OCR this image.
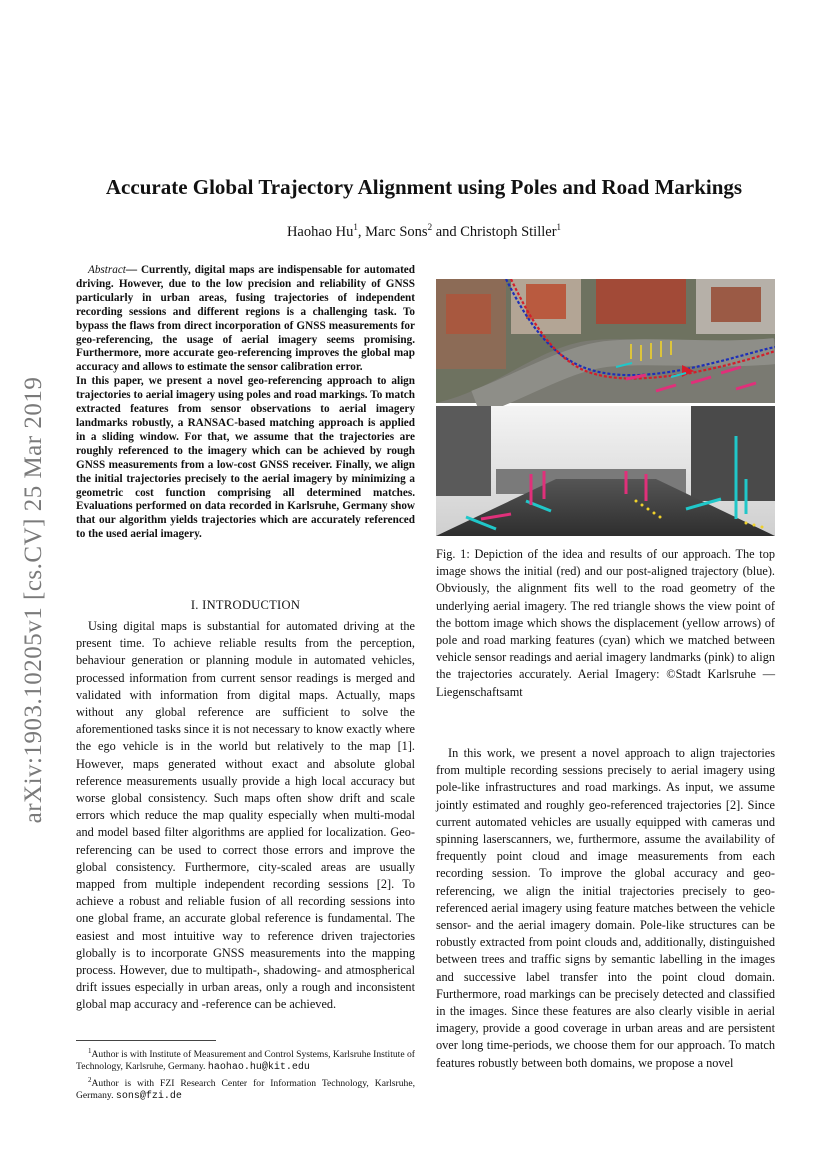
arXiv:1903.10205v1 [cs.CV] 25 Mar 2019
Accurate Global Trajectory Alignment using Poles and Road Markings
Haohao Hu$^1$, Marc Sons$^2$ and Christoph Stiller$^1$

Abstract— Currently, digital maps are indispensable for automated driving. However, due to the low precision and reliability of GNSS particularly in urban areas, fusing trajectories of independent recording sessions and different regions is a challenging task. To bypass the flaws from direct incorporation of GNSS measurements for geo-referencing, the usage of aerial imagery seems promising. Furthermore, more accurate geo-referencing improves the global map accuracy and allows to estimate the sensor calibration error.

In this paper, we present a novel geo-referencing approach to align trajectories to aerial imagery using poles and road markings. To match extracted features from sensor observations to aerial imagery landmarks robustly, a RANSAC-based matching approach is applied in a sliding window. For that, we assume that the trajectories are roughly referenced to the imagery which can be achieved by rough GNSS measurements from a low-cost GNSS receiver. Finally, we align the initial trajectories precisely to the aerial imagery by minimizing a geometric cost function comprising all determined matches. Evaluations performed on data recorded in Karlsruhe, Germany show that our algorithm yields trajectories which are accurately referenced to the used aerial imagery.

I. INTRODUCTION

Using digital maps is substantial for automated driving at the present time. To achieve reliable results from the perception, behaviour generation or planning module in automated vehicles, processed information from current sensor readings is merged and validated with information from digital maps. Actually, maps without any global reference are sufficient to solve the aforementioned tasks since it is not necessary to know exactly where the ego vehicle is in the world but relatively to the map [1]. However, maps generated without exact and absolute global reference measurements usually provide a high local accuracy but worse global consistency. Such maps often show drift and scale errors which reduce the map quality especially when multi-modal and model based filter algorithms are applied for localization. Geo-referencing can be used to correct those errors and improve the global consistency. Furthermore, city-scaled areas are usually mapped from multiple independent recording sessions [2]. To achieve a robust and reliable fusion of all recording sessions into one global frame, an accurate global reference is fundamental. The easiest and most intuitive way to reference driven trajectories globally is to incorporate GNSS measurements into the mapping process. However, due to multipath-, shadowing- and atmospherical drift issues especially in urban areas, only a rough and inconsistent global map accuracy and -reference can be achieved.

$^1$Author is with Institute of Measurement and Control Systems, Karlsruhe Institute of Technology, Karlsruhe, Germany. haohao.hu@kit.edu

$^2$Author is with FZI Research Center for Information Technology, Karlsruhe, Germany. sons@fzi.de

Fig. 1: Depiction of the idea and results of our approach. The top image shows the initial (red) and our post-aligned trajectory (blue). Obviously, the alignment fits well to the road geometry of the underlying aerial imagery. The red triangle shows the view point of the bottom image which shows the displacement (yellow arrows) of pole and road marking features (cyan) which we matched between vehicle sensor readings and aerial imagery landmarks (pink) to align the trajectories accurately. Aerial Imagery: ©Stadt Karlsruhe — Liegenschaftsamt

In this work, we present a novel approach to align trajectories from multiple recording sessions precisely to aerial imagery using pole-like infrastructures and road markings. As input, we assume jointly estimated and roughly geo-referenced trajectories [2]. Since current automated vehicles are usually equipped with cameras und spinning laserscanners, we, furthermore, assume the availability of frequently point cloud and image measurements from each recording session. To improve the global accuracy and geo-referencing, we align the initial trajectories precisely to geo-referenced aerial imagery using feature matches between the vehicle sensor- and the aerial imagery domain. Pole-like structures can be robustly extracted from point clouds and, additionally, distinguished between trees and traffic signs by semantic labelling in the images and successive label transfer into the point cloud domain. Furthermore, road markings can be precisely detected and classified in the images. Since these features are also clearly visible in aerial imagery, provide a good coverage in urban areas and are persistent over long time-periods, we choose them for our approach. To match features robustly between both domains, we propose a novel
